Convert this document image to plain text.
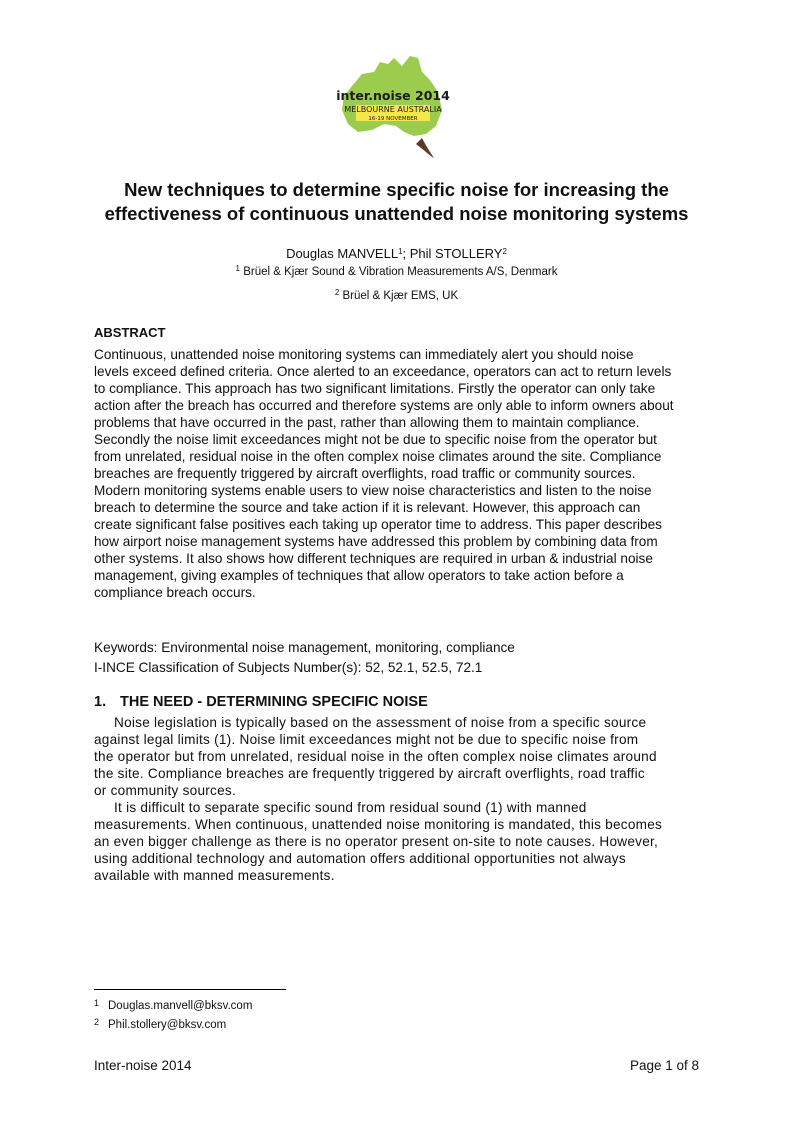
inter.noise 2014
MELBOURNE AUSTRALIA
16-19 NOVEMBER
New techniques to determine specific noise for increasing the
effectiveness of continuous unattended noise monitoring systems
Douglas MANVELL$^1$; Phil STOLLERY$^2$
$^1$ Brüel & Kjær Sound & Vibration Measurements A/S, Denmark
$^2$ Brüel & Kjær EMS, UK
ABSTRACT
Continuous, unattended noise monitoring systems can immediately alert you should noise
levels exceed defined criteria. Once alerted to an exceedance, operators can act to return levels
to compliance. This approach has two significant limitations. Firstly the operator can only take
action after the breach has occurred and therefore systems are only able to inform owners about
problems that have occurred in the past, rather than allowing them to maintain compliance.
Secondly the noise limit exceedances might not be due to specific noise from the operator but
from unrelated, residual noise in the often complex noise climates around the site. Compliance
breaches are frequently triggered by aircraft overflights, road traffic or community sources.
Modern monitoring systems enable users to view noise characteristics and listen to the noise
breach to determine the source and take action if it is relevant. However, this approach can
create significant false positives each taking up operator time to address. This paper describes
how airport noise management systems have addressed this problem by combining data from
other systems. It also shows how different techniques are required in urban & industrial noise
management, giving examples of techniques that allow operators to take action before a
compliance breach occurs.
Keywords: Environmental noise management, monitoring, compliance
I-INCE Classification of Subjects Number(s): 52, 52.1, 52.5, 72.1
1. THE NEED - DETERMINING SPECIFIC NOISE

Noise legislation is typically based on the assessment of noise from a specific source
against legal limits (1). Noise limit exceedances might not be due to specific noise from
the operator but from unrelated, residual noise in the often complex noise climates around
the site. Compliance breaches are frequently triggered by aircraft overflights, road traffic
or community sources.

It is difficult to separate specific sound from residual sound (1) with manned
measurements. When continuous, unattended noise monitoring is mandated, this becomes
an even bigger challenge as there is no operator present on-site to note causes. However,
using additional technology and automation offers additional opportunities not always
available with manned measurements.

1 Douglas.manvell@bksv.com
2 Phil.stollery@bksv.com
Inter-noise 2014	Page 1 of 8
